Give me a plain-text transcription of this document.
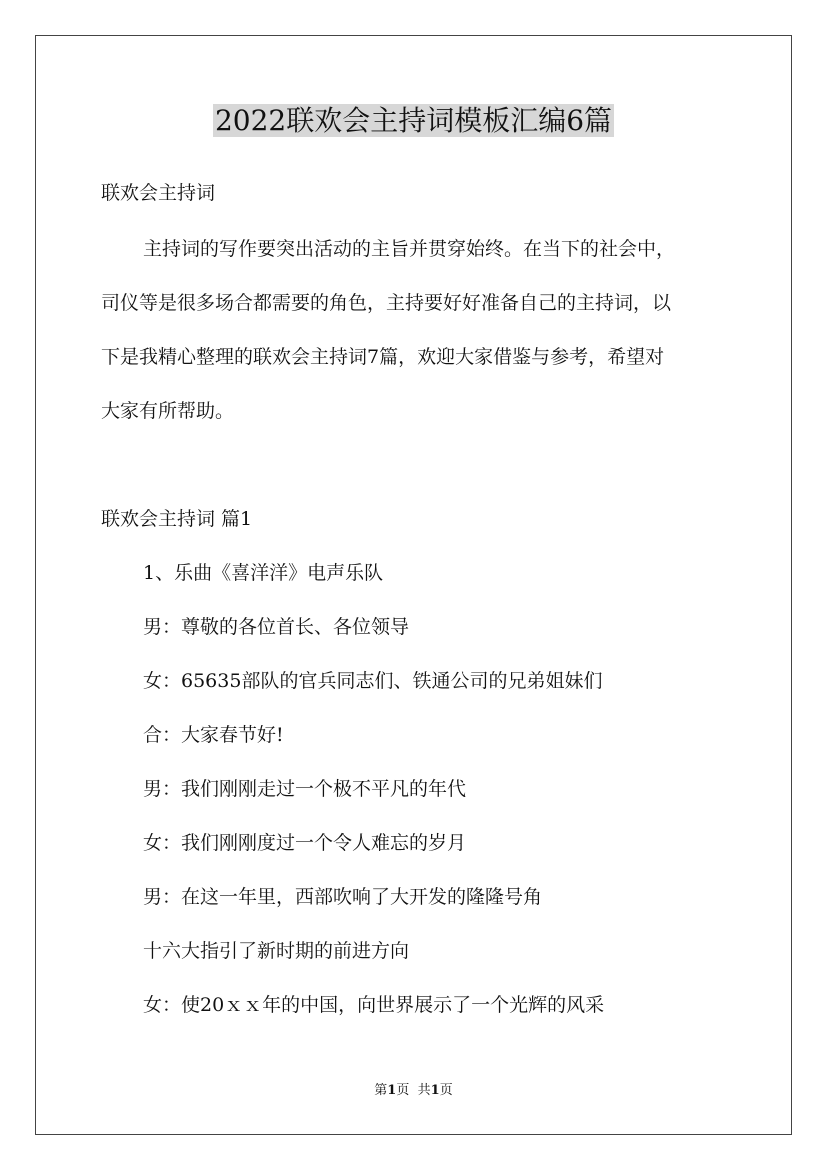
2022联欢会主持词模板汇编6篇

联欢会主持词

主持词的写作要突出活动的主旨并贯穿始终。在当下的社会中，

司仪等是很多场合都需要的角色，主持要好好准备自己的主持词，以

下是我精心整理的联欢会主持词7篇，欢迎大家借鉴与参考，希望对

大家有所帮助。

联欢会主持词 篇1

1、乐曲《喜洋洋》电声乐队

男：尊敬的各位首长、各位领导

女：65635部队的官兵同志们、铁通公司的兄弟姐妹们

合：大家春节好!

男：我们刚刚走过一个极不平凡的年代

女：我们刚刚度过一个令人难忘的岁月

男：在这一年里，西部吹响了大开发的隆隆号角

十六大指引了新时期的前进方向

女：使20ｘｘ年的中国，向世界展示了一个光辉的风采

第1页 共1页
